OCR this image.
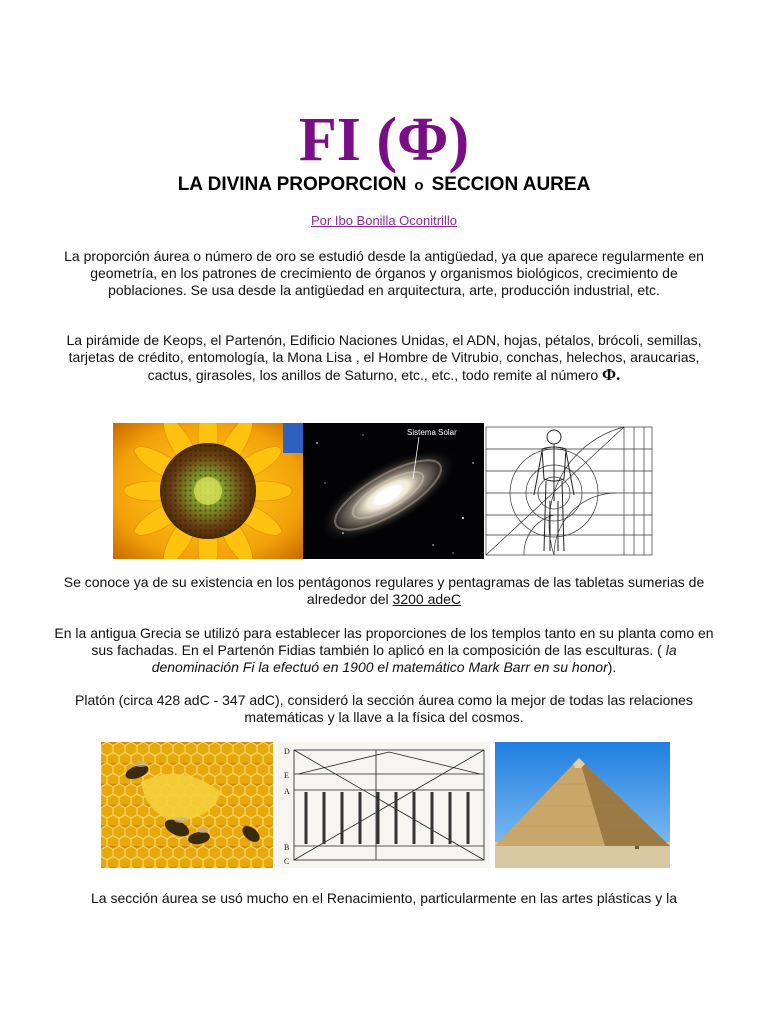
FI (Φ)
LA DIVINA PROPORCION o SECCION AUREA
Por Ibo Bonilla Oconitrillo
La proporción áurea o número de oro se estudió desde la antigüedad, ya que aparece regularmente en geometría, en los patrones de crecimiento de órganos y organismos biológicos, crecimiento de poblaciones. Se usa desde la antigüedad en arquitectura, arte, producción industrial, etc.
La pirámide de Keops, el Partenón, Edificio Naciones Unidas, el ADN, hojas, pétalos, brócoli, semillas, tarjetas de crédito, entomología, la Mona Lisa , el Hombre de Vitrubio, conchas, helechos, araucarias, cactus, girasoles, los anillos de Saturno, etc., etc., todo remite al número Φ.
Sistema Solar
Se conoce ya de su existencia en los pentágonos regulares y pentagramas de las tabletas sumerias de alrededor del 3200 adeC
En la antigua Grecia se utilizó para establecer las proporciones de los templos tanto en su planta como en sus fachadas. En el Partenón Fidias también lo aplicó en la composición de las esculturas. ( la denominación Fi la efectuó en 1900 el matemático Mark Barr en su honor).
Platón (circa 428 adC - 347 adC), consideró la sección áurea como la mejor de todas las relaciones matemáticas y la llave a la física del cosmos.
D
E
A
B
C
La sección áurea se usó mucho en el Renacimiento, particularmente en las artes plásticas y la
